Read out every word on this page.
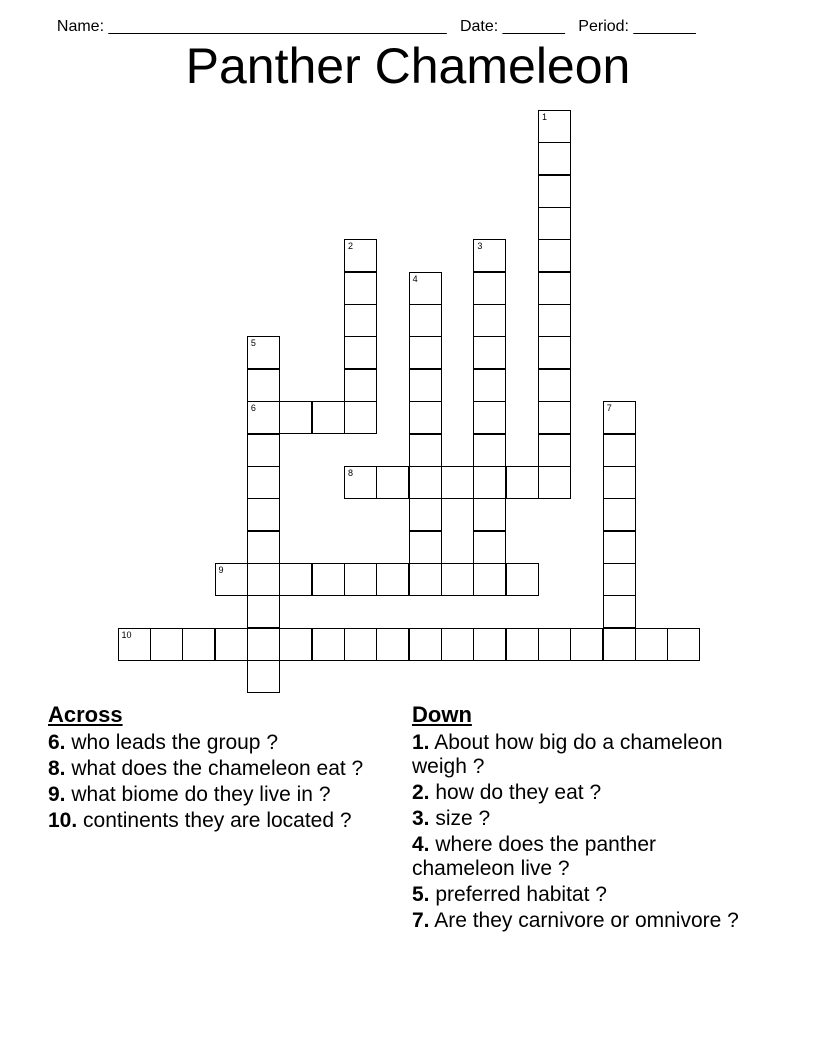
Name: ______________________________________ Date: _______ Period: _______

Panther Chameleon
1
2	3
4
5
6	7
8
9
10
Across
6. who leads the group ?
8. what does the chameleon eat ?
9. what biome do they live in ?
10. continents they are located ?
Down
1. About how big do a chameleon weigh ?
2. how do they eat ?
3. size ?
4. where does the panther chameleon live ?
5. preferred habitat ?
7. Are they carnivore or omnivore ?
